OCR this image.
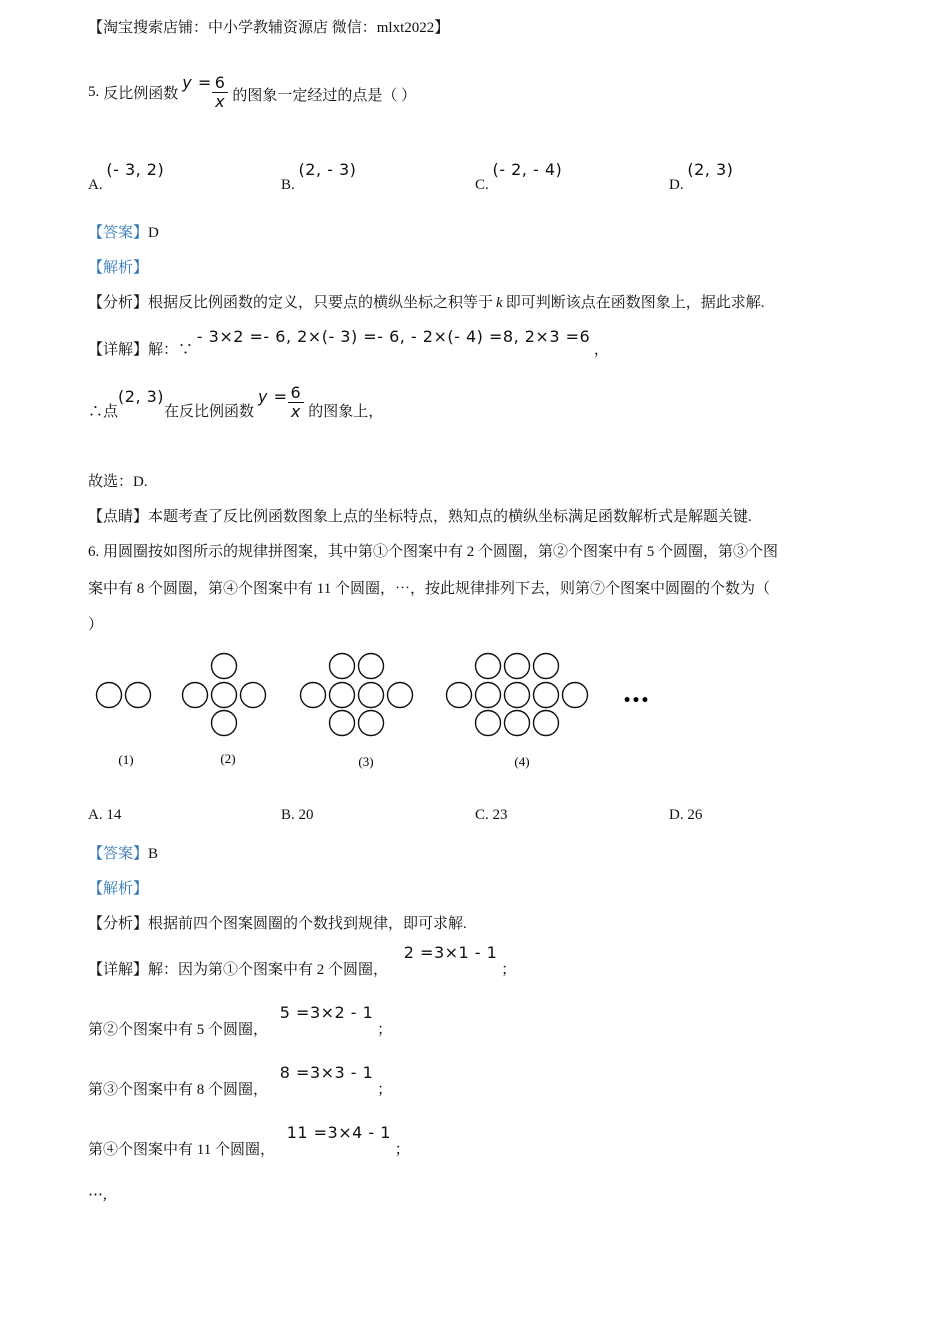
【淘宝搜索店铺：中小学教辅资源店 微信：mlxt2022】
5. 反比例函数
$y = \frac{6}{x}$ 的图象一定经过的点是（ ）
A. (- 3, 2)
B. (2, - 3)
C. (- 2, - 4)
D. (2, 3)
【答案】D
【解析】
【分析】根据反比例函数的定义，只要点的横纵坐标之积等于 k 即可判断该点在函数图象上，据此求解.
【详解】解：∵ - 3×2 =- 6, 2×(- 3) =- 6, - 2×(- 4) =8, 2×3 =6 ，
∴点
(2, 3)
在反比例函数
$y = \frac{6}{x}$ 的图象上，
故选：D.
【点睛】本题考查了反比例函数图象上点的坐标特点，熟知点的横纵坐标满足函数解析式是解题关键.
6. 用圆圈按如图所示的规律拼图案，其中第①个图案中有 2 个圆圈，第②个图案中有 5 个圆圈，第③个图
案中有 8 个圆圈，第④个图案中有 11 个圆圈，⋯，按此规律排列下去，则第⑦个图案中圆圈的个数为（
）
•••
(1)	(2)	(3)	(4)
A. 14	B. 20	C. 23	D. 26
【答案】B
【解析】
【分析】根据前四个图案圆圈的个数找到规律，即可求解.
【详解】解：因为第①个图案中有 2 个圆圈， 2 =3×1 - 1 ；
第②个图案中有 5 个圆圈， 5 =3×2 - 1 ；
第③个图案中有 8 个圆圈， 8 =3×3 - 1 ；
第④个图案中有 11 个圆圈， 11 =3×4 - 1 ；
⋯,
